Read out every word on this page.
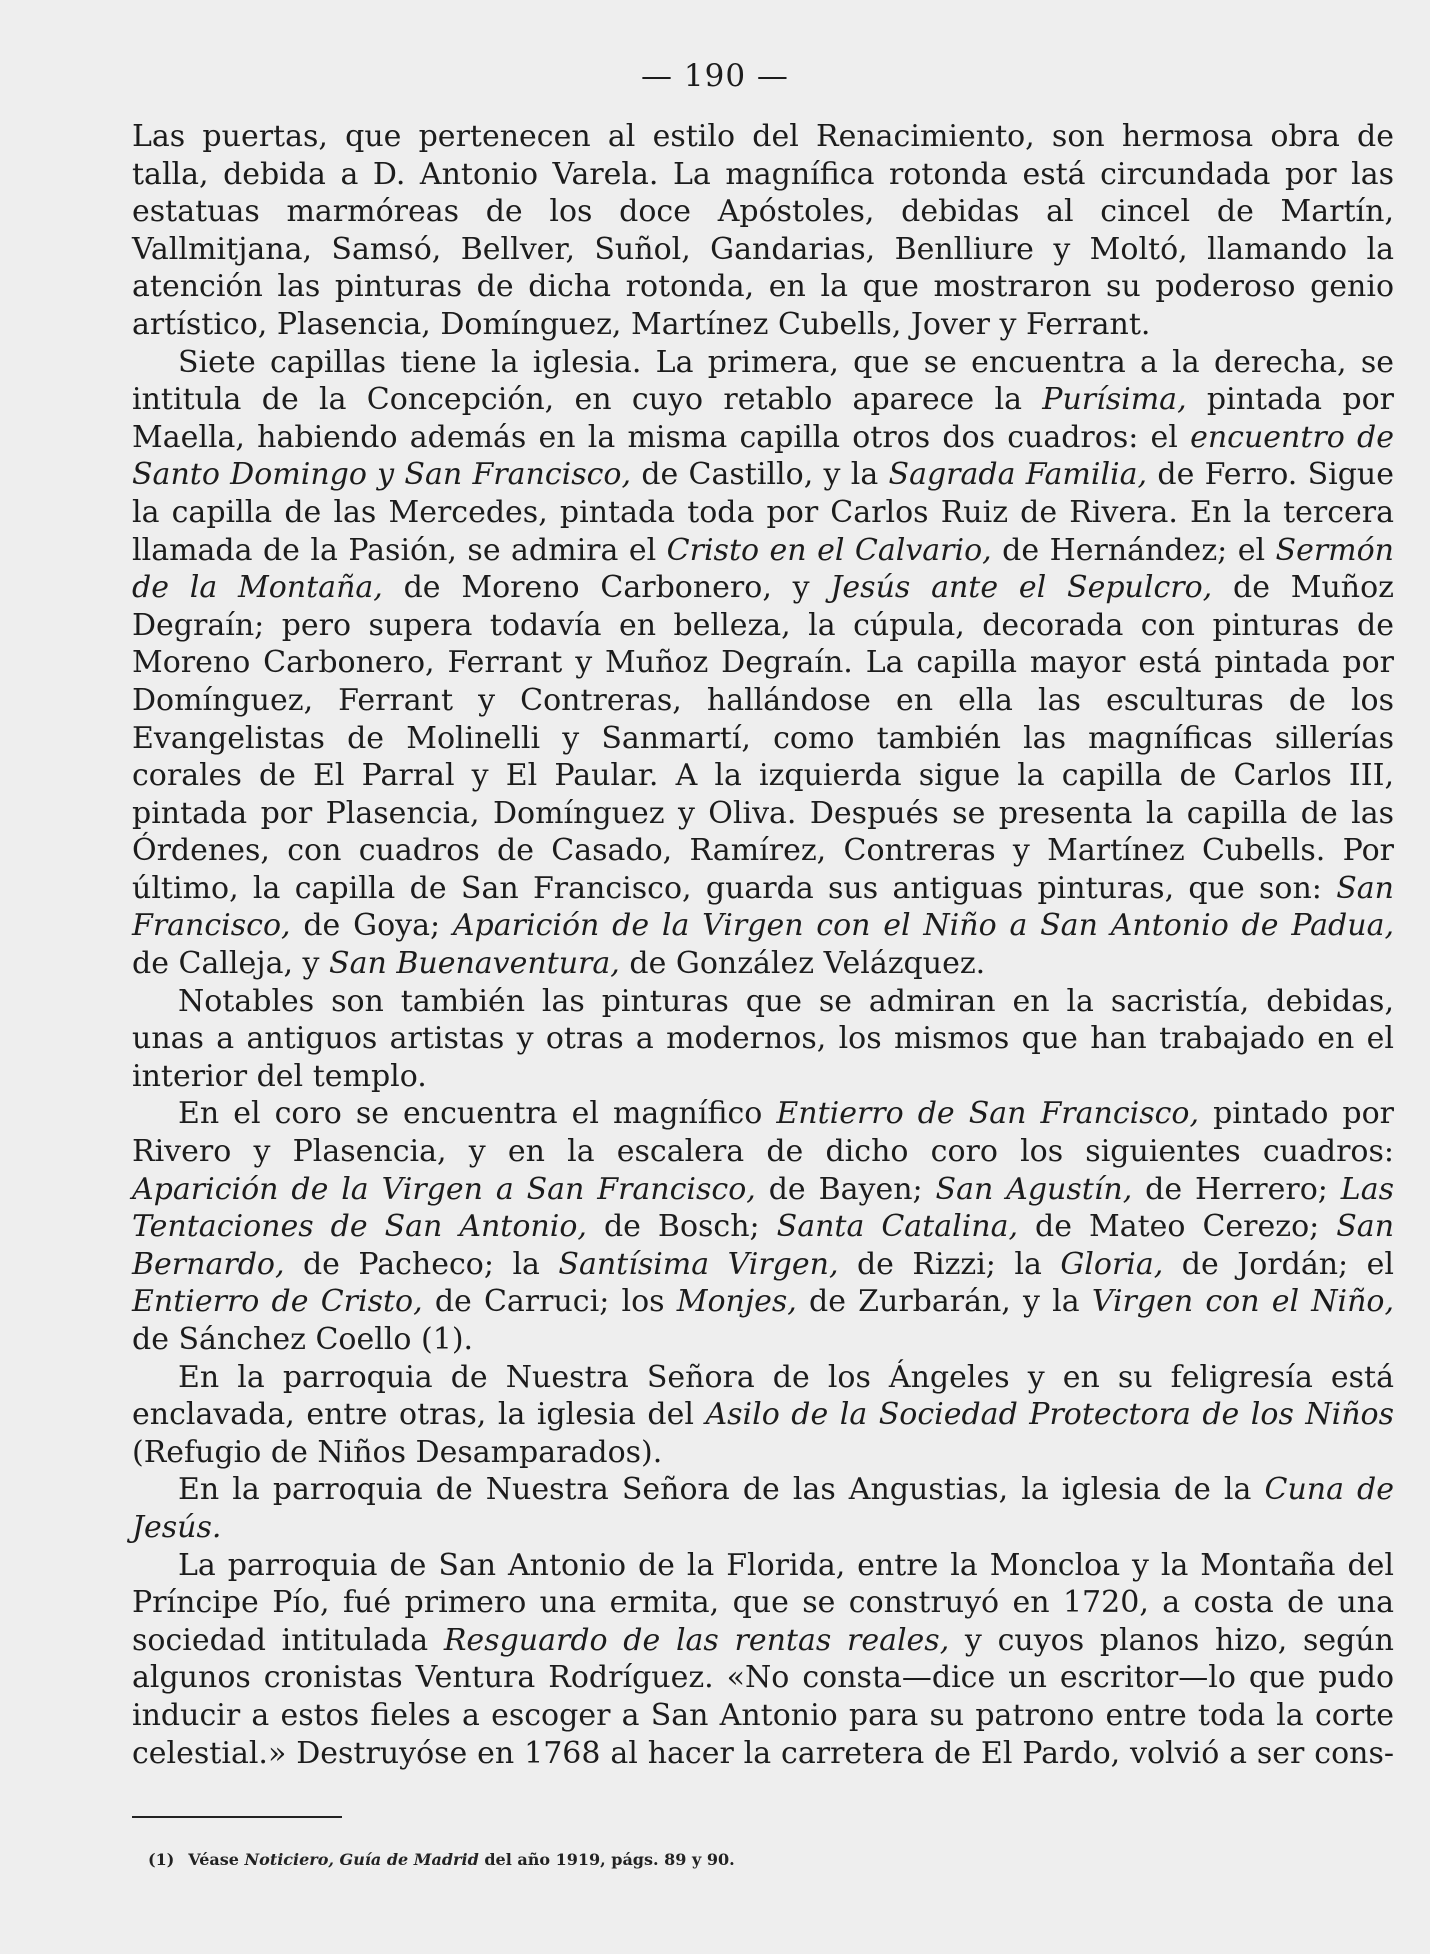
— 190 —

Las puertas, que pertenecen al estilo del Renacimiento, son hermosa obra de talla, debida a D. Antonio Varela. La magnífica rotonda está circundada por las estatuas marmóreas de los doce Apóstoles, debidas al cincel de Martín, Vallmitjana, Samsó, Bellver, Suñol, Gandarias, Benlliure y Moltó, llamando la atención las pinturas de dicha rotonda, en la que mostraron su poderoso genio artístico, Plasencia, Domínguez, Martínez Cubells, Jover y Ferrant.

Siete capillas tiene la iglesia. La primera, que se encuentra a la derecha, se intitula de la Concepción, en cuyo retablo aparece la Purísima, pintada por Maella, habiendo además en la misma capilla otros dos cuadros: el encuentro de Santo Domingo y San Francisco, de Castillo, y la Sagrada Familia, de Ferro. Sigue la capilla de las Mercedes, pintada toda por Carlos Ruiz de Rivera. En la tercera llamada de la Pasión, se admira el Cristo en el Calvario, de Hernández; el Sermón de la Montaña, de Moreno Carbonero, y Jesús ante el Sepulcro, de Muñoz Degraín; pero supera todavía en belleza, la cúpula, decorada con pinturas de Moreno Carbonero, Ferrant y Muñoz Degraín. La capilla mayor está pintada por Domínguez, Ferrant y Contreras, hallándose en ella las esculturas de los Evangelistas de Molinelli y Sanmartí, como también las magníficas sillerías corales de El Parral y El Paular. A la izquierda sigue la capilla de Carlos III, pintada por Plasencia, Domínguez y Oliva. Después se presenta la capilla de las Órdenes, con cuadros de Casado, Ramírez, Contreras y Martínez Cubells. Por último, la capilla de San Francisco, guarda sus antiguas pinturas, que son: San Francisco, de Goya; Aparición de la Virgen con el Niño a San Antonio de Padua, de Calleja, y San Buenaventura, de González Velázquez.

Notables son también las pinturas que se admiran en la sacristía, debidas, unas a antiguos artistas y otras a modernos, los mismos que han trabajado en el interior del templo.

En el coro se encuentra el magnífico Entierro de San Francisco, pintado por Rivero y Plasencia, y en la escalera de dicho coro los siguientes cuadros: Aparición de la Virgen a San Francisco, de Bayen; San Agustín, de Herrero; Las Tentaciones de San Antonio, de Bosch; Santa Catalina, de Mateo Cerezo; San Bernardo, de Pacheco; la Santísima Virgen, de Rizzi; la Gloria, de Jordán; el Entierro de Cristo, de Carruci; los Monjes, de Zurbarán, y la Virgen con el Niño, de Sánchez Coello (1).

En la parroquia de Nuestra Señora de los Ángeles y en su feligresía está enclavada, entre otras, la iglesia del Asilo de la Sociedad Protectora de los Niños (Refugio de Niños Desamparados).

En la parroquia de Nuestra Señora de las Angustias, la iglesia de la Cuna de Jesús.

La parroquia de San Antonio de la Florida, entre la Moncloa y la Montaña del Príncipe Pío, fué primero una ermita, que se construyó en 1720, a costa de una sociedad intitulada Resguardo de las rentas reales, y cuyos planos hizo, según algunos cronistas Ventura Rodríguez. «No consta—dice un escritor—lo que pudo inducir a estos fieles a escoger a San Antonio para su patrono entre toda la corte celestial.» Destruyóse en 1768 al hacer la carretera de El Pardo, volvió a ser cons-

(1) Véase Noticiero, Guía de Madrid del año 1919, págs. 89 y 90.
